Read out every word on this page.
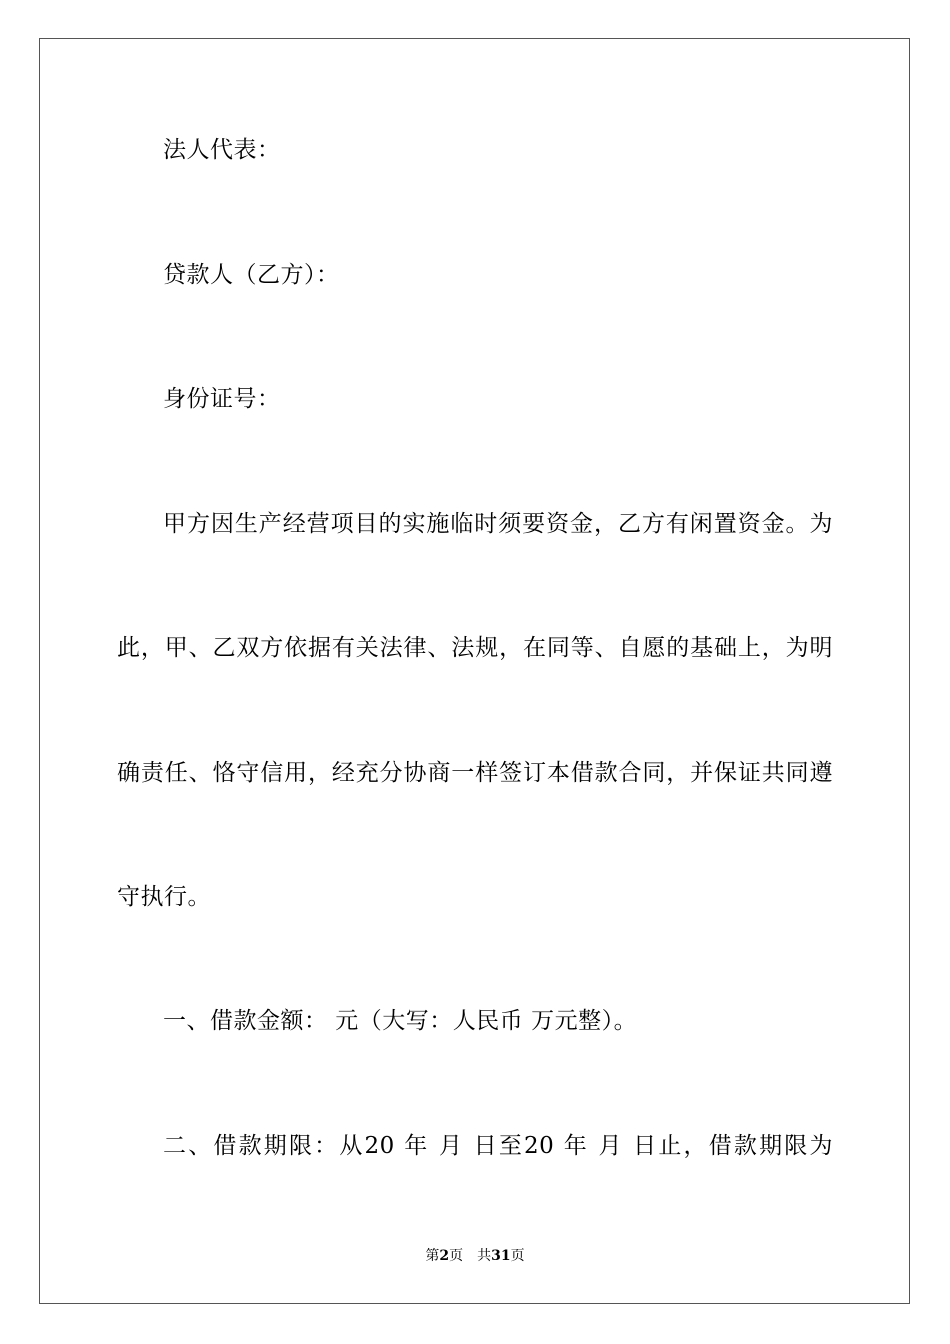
法人代表：
贷款人（乙方）：
身份证号：
甲方因生产经营项目的实施临时须要资金，乙方有闲置资金。为
此，甲、乙双方依据有关法律、法规，在同等、自愿的基础上，为明
确责任、恪守信用，经充分协商一样签订本借款合同，并保证共同遵
守执行。
一、借款金额： 元（大写：人民币 万元整）。
二、借款期限：从20 年 月 日至20 年 月 日止，借款期限为
第2页 共31页
